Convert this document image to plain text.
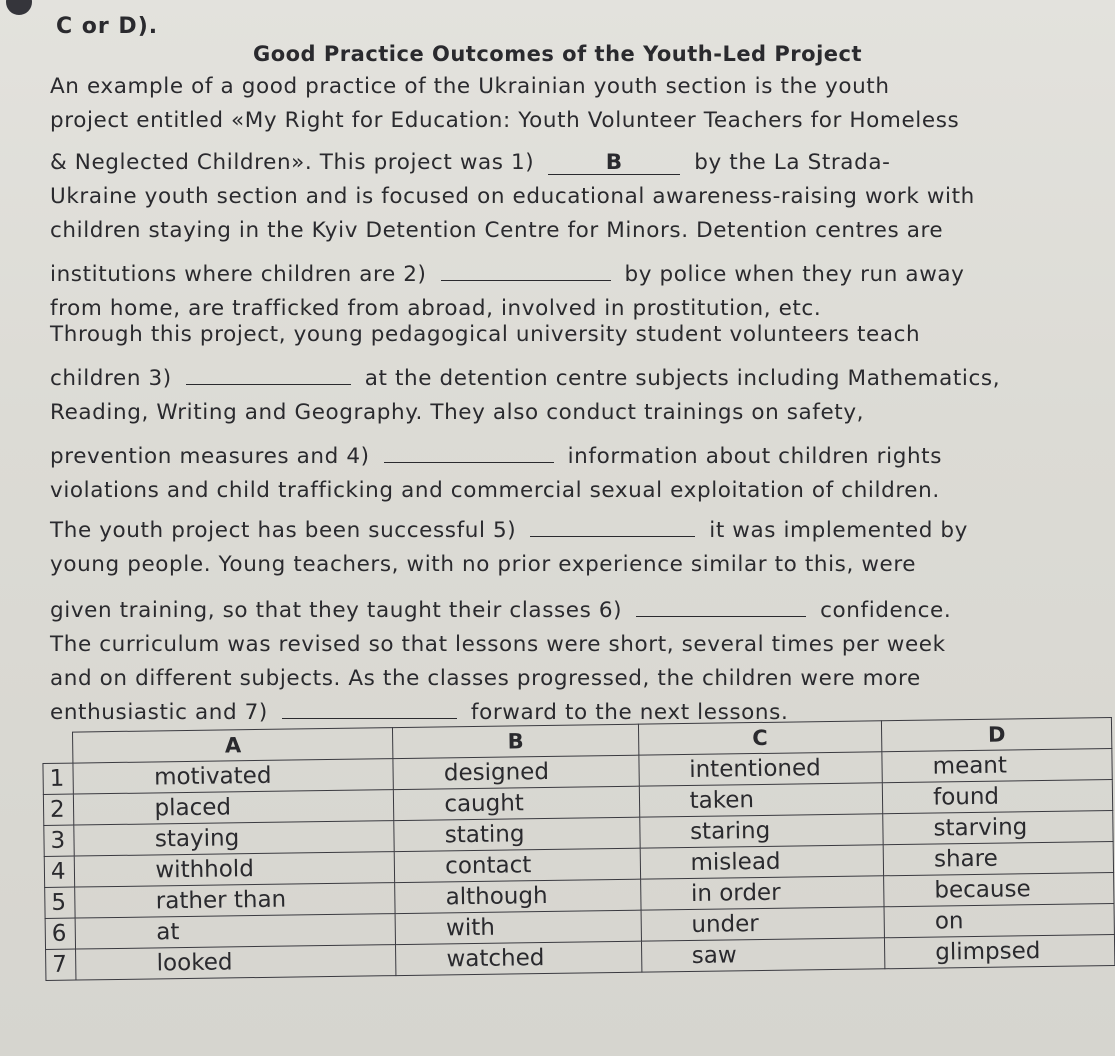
C or D).
Good Practice Outcomes of the Youth-Led Project
An example of a good practice of the Ukrainian youth section is the youth
project entitled «My Right for Education: Youth Volunteer Teachers for Homeless
& Neglected Children». This project was 1)	B	by the La Strada-
Ukraine youth section and is focused on educational awareness-raising work with
children staying in the Kyiv Detention Centre for Minors. Detention centres are
institutions where children are 2)	by police when they run away
from home, are trafficked from abroad, involved in prostitution, etc.
Through this project, young pedagogical university student volunteers teach
children 3)	at the detention centre subjects including Mathematics,
Reading, Writing and Geography. They also conduct trainings on safety,
prevention measures and 4)	information about children rights
violations and child trafficking and commercial sexual exploitation of children.
The youth project has been successful 5)	it was implemented by
young people. Young teachers, with no prior experience similar to this, were
given training, so that they taught their classes 6)	confidence.
The curriculum was revised so that lessons were short, several times per week
and on different subjects. As the classes progressed, the children were more
enthusiastic and 7)	forward to the next lessons.
	A	B	C	D
1	motivated	designed	intentioned	meant
2	placed	caught	taken	found
3	staying	stating	staring	starving
4	withhold	contact	mislead	share
5	rather than	although	in order	because
6	at	with	under	on
7	looked	watched	saw	glimpsed
